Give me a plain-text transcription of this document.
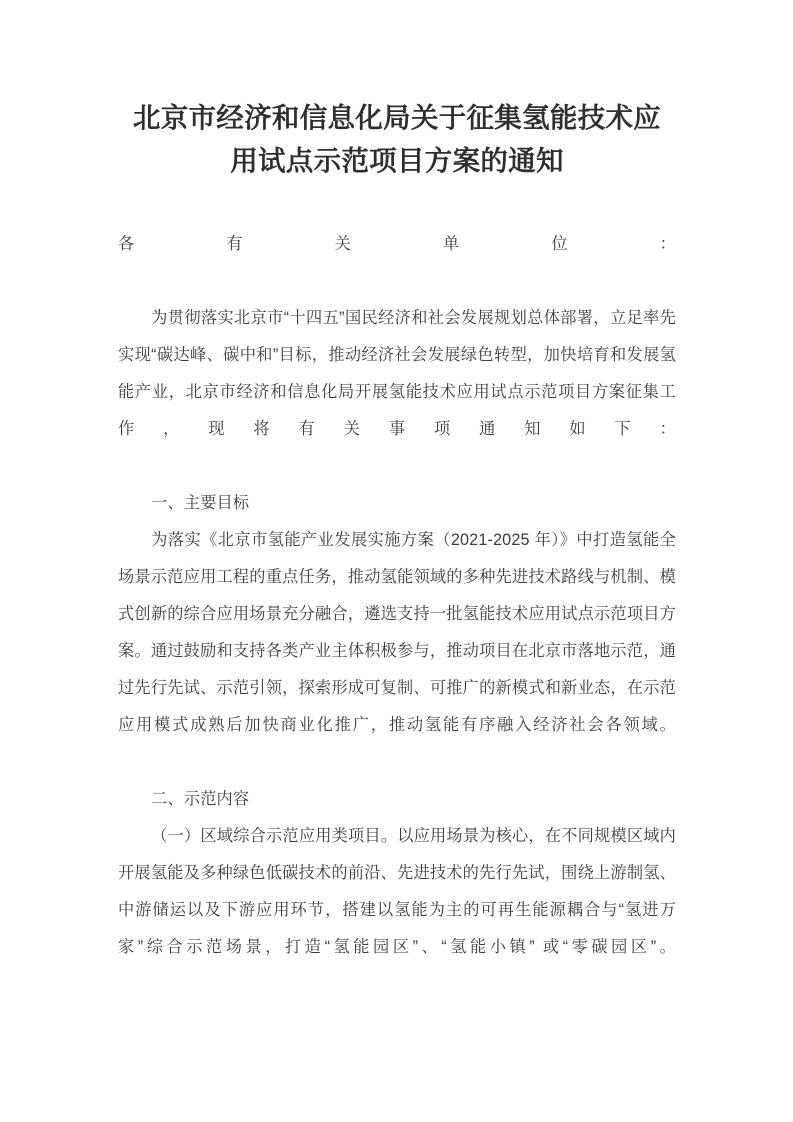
北京市经济和信息化局关于征集氢能技术应
用试点示范项目方案的通知

各有关单位：

为贯彻落实北京市“十四五”国民经济和社会发展规划总体部署，立足率先实现“碳达峰、碳中和”目标，推动经济社会发展绿色转型，加快培育和发展氢能产业，北京市经济和信息化局开展氢能技术应用试点示范项目方案征集工作，现将有关事项通知如下：

一、主要目标

为落实《北京市氢能产业发展实施方案（2021-2025 年）》中打造氢能全场景示范应用工程的重点任务，推动氢能领域的多种先进技术路线与机制、模式创新的综合应用场景充分融合，遴选支持一批氢能技术应用试点示范项目方案。通过鼓励和支持各类产业主体积极参与，推动项目在北京市落地示范，通过先行先试、示范引领，探索形成可复制、可推广的新模式和新业态，在示范应用模式成熟后加快商业化推广，推动氢能有序融入经济社会各领域。

二、示范内容

（一）区域综合示范应用类项目。以应用场景为核心，在不同规模区域内开展氢能及多种绿色低碳技术的前沿、先进技术的先行先试，围绕上游制氢、中游储运以及下游应用环节，搭建以氢能为主的可再生能源耦合与“氢进万家”综合示范场景，打造“氢能园区”、“氢能小镇” 或“零碳园区”。
